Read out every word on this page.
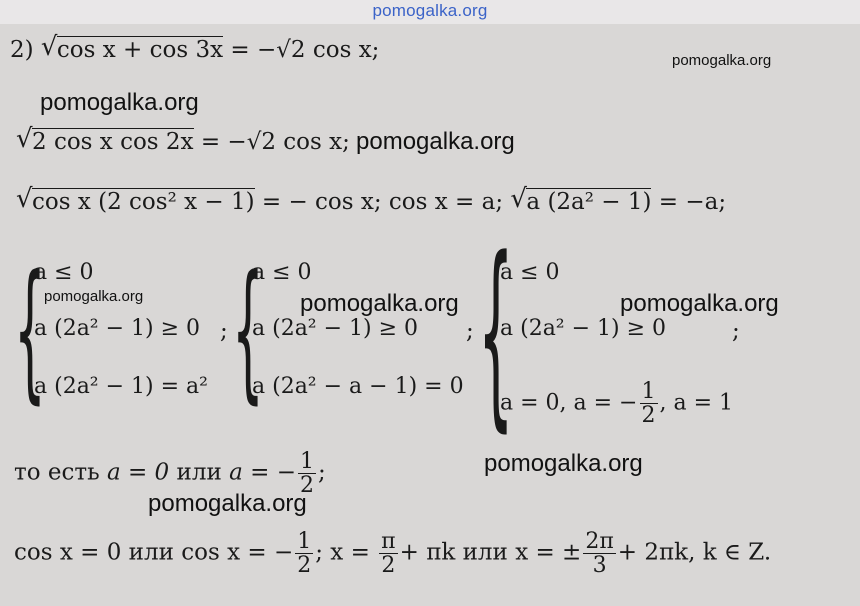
pomogalka.org
2) √ cos x + cos 3x = −√2 cos x;
√ 2 cos x cos 2x = −√2 cos x;
√ cos x (2 cos² x − 1) = − cos x; cos x = a; √ a (2a² − 1) = −a;
{
a ≤ 0
a (2a² − 1) ≥ 0
a (2a² − 1) = a²
; {
a ≤ 0
a (2a² − 1) ≥ 0
a (2a² − a − 1) = 0
; {
a ≤ 0
a (2a² − 1) ≥ 0
a = 0, a = − $\frac{1}{2}$ , a = 1
;
то есть a = 0 или a = − $\frac{1}{2}$ ;
cos x = 0 или cos x = − $\frac{1}{2}$ ; $x = \frac{\pi}{2} + \pi k$ или x = ± $\frac{2\pi}{3} + 2\pi k$, k ∈ Z.
pomogalka.org
pomogalka.org
pomogalka.org
pomogalka.org	pomogalka.org	pomogalka.org
pomogalka.org
pomogalka.org
